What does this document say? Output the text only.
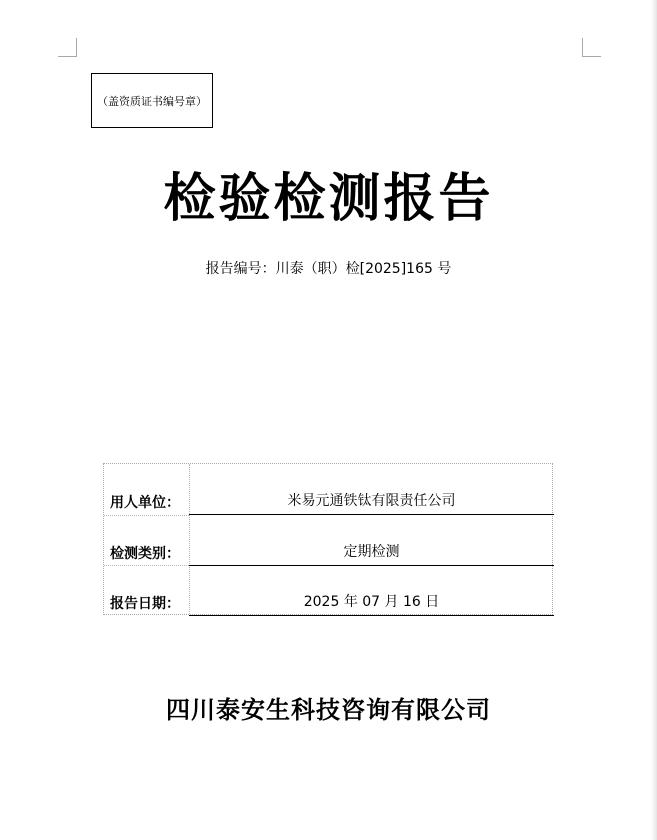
（盖资质证书编号章）
检验检测报告
报告编号：川泰（职）检[2025]165 号
用人单位：	米易元通铁钛有限责任公司
检测类别：	定期检测
报告日期：	2025 年 07 月 16 日
四川泰安生科技咨询有限公司
